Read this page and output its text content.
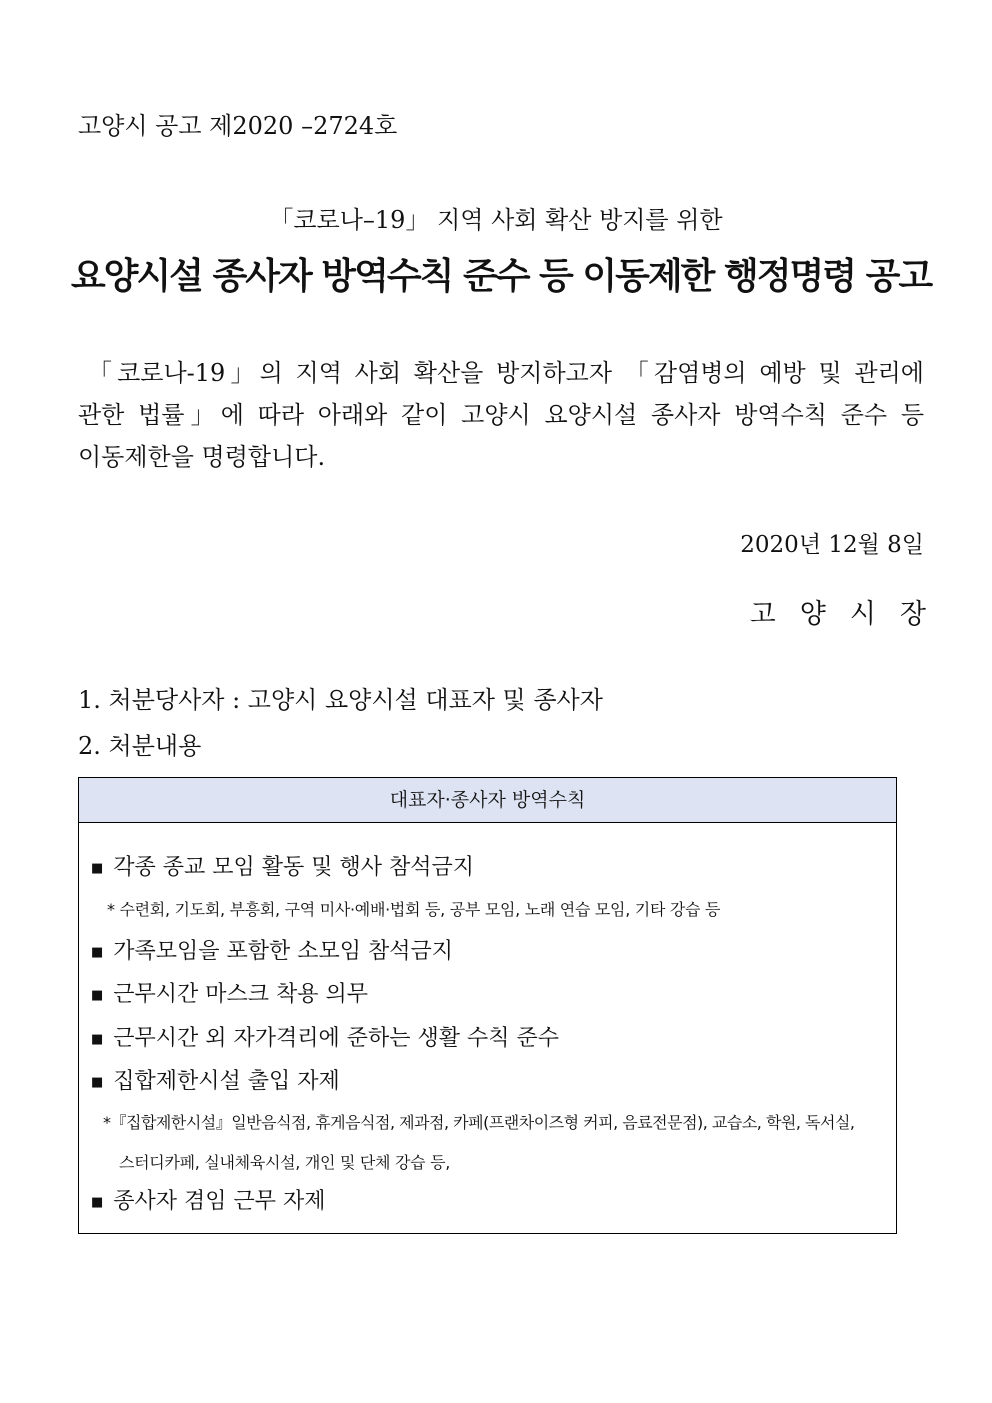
고양시 공고 제2020 –2724호

「코로나–19」 지역 사회 확산 방지를 위한

요양시설 종사자 방역수칙 준수 등 이동제한 행정명령 공고
「코로나-19」의 지역 사회 확산을 방지하고자 「감염병의 예방 및 관리에
관한 법률」에 따라 아래와 같이 고양시 요양시설 종사자 방역수칙 준수 등
이동제한을 명령합니다.

2020년 12월 8일

고양시장

1. 처분당사자 : 고양시 요양시설 대표자 및 종사자

2. 처분내용

대표자·종사자 방역수칙
■ 각종 종교 모임 활동 및 행사 참석금지
* 수련회, 기도회, 부흥회, 구역 미사·예배·법회 등, 공부 모임, 노래 연습 모임, 기타 강습 등
■ 가족모임을 포함한 소모임 참석금지
■ 근무시간 마스크 착용 의무
■ 근무시간 외 자가격리에 준하는 생활 수칙 준수
■ 집합제한시설 출입 자제
*『집합제한시설』일반음식점, 휴게음식점, 제과점, 카페(프랜차이즈형 커피, 음료전문점), 교습소, 학원, 독서실,
스터디카페, 실내체육시설, 개인 및 단체 강습 등,
■ 종사자 겸임 근무 자제
